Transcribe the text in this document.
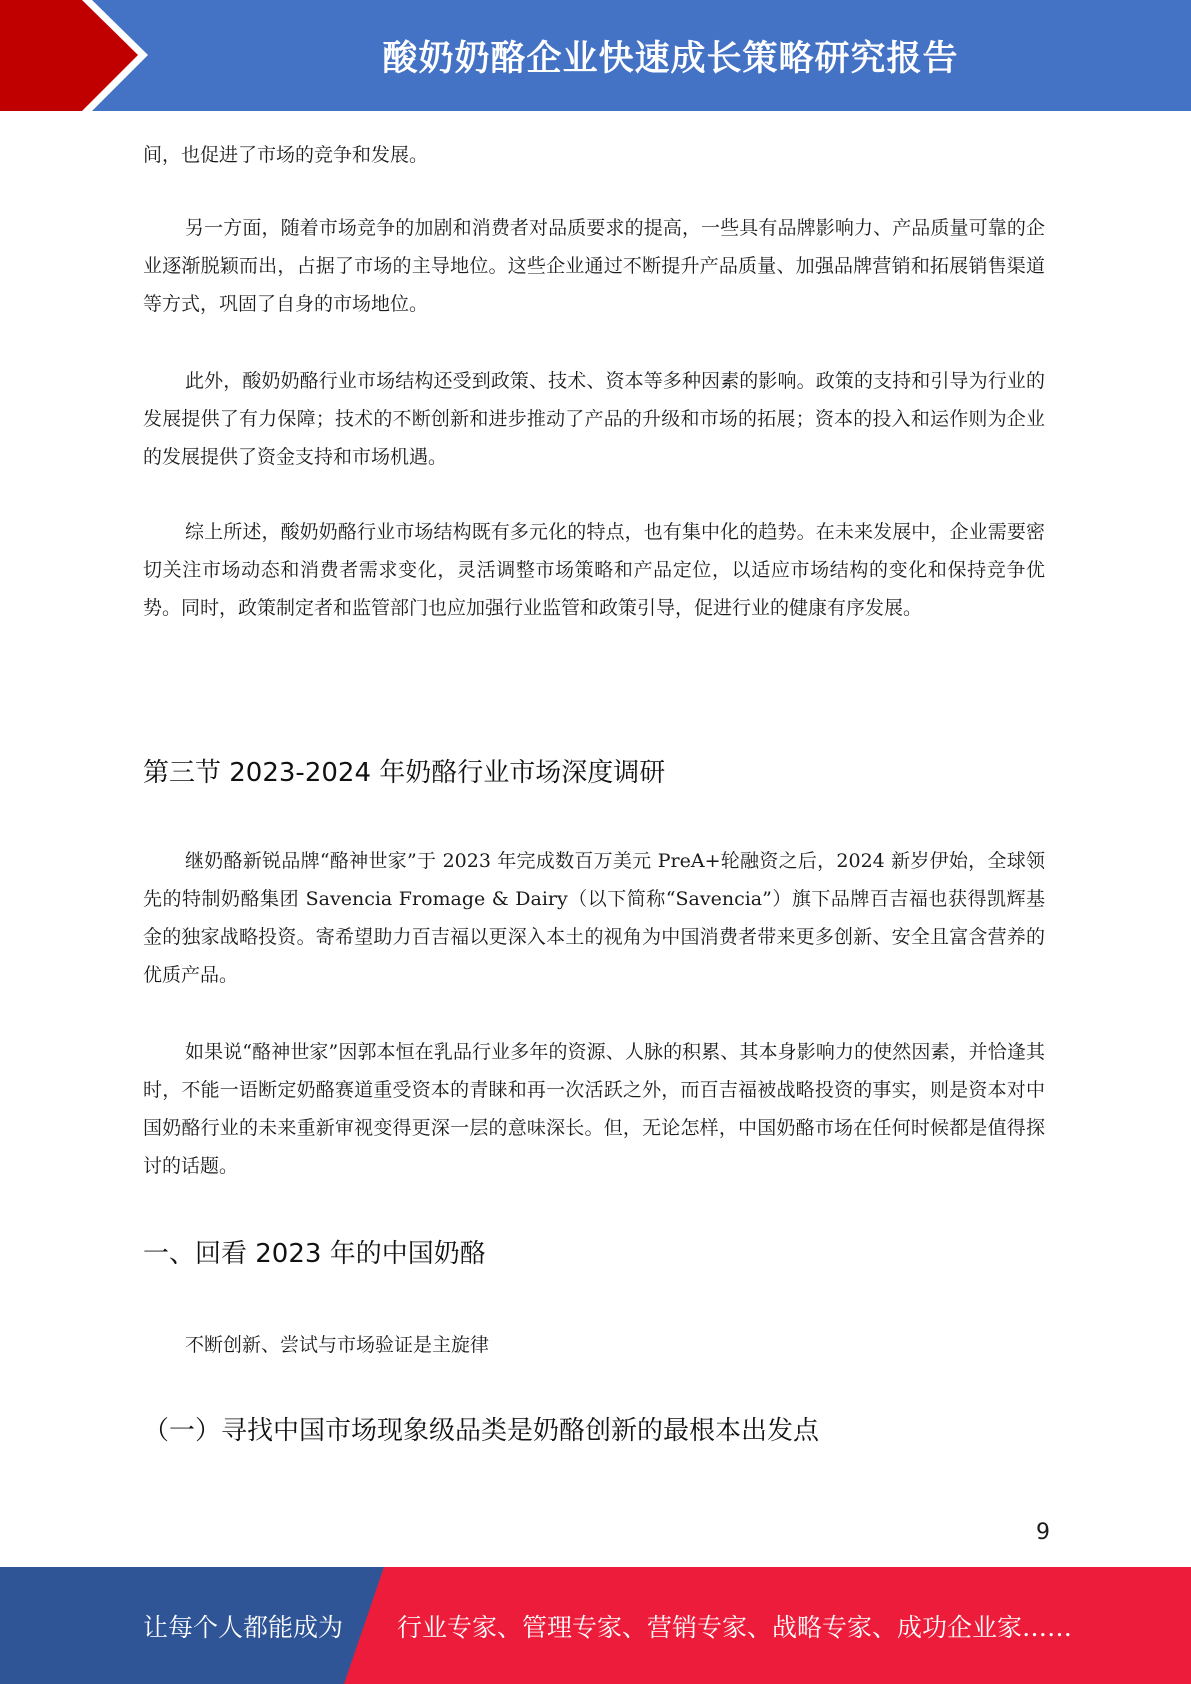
酸奶奶酪企业快速成长策略研究报告

间，也促进了市场的竞争和发展。

另一方面，随着市场竞争的加剧和消费者对品质要求的提高，一些具有品牌影响力、产品质量可靠的企业逐渐脱颖而出，占据了市场的主导地位。这些企业通过不断提升产品质量、加强品牌营销和拓展销售渠道等方式，巩固了自身的市场地位。

此外，酸奶奶酪行业市场结构还受到政策、技术、资本等多种因素的影响。政策的支持和引导为行业的发展提供了有力保障；技术的不断创新和进步推动了产品的升级和市场的拓展；资本的投入和运作则为企业的发展提供了资金支持和市场机遇。

综上所述，酸奶奶酪行业市场结构既有多元化的特点，也有集中化的趋势。在未来发展中，企业需要密切关注市场动态和消费者需求变化，灵活调整市场策略和产品定位，以适应市场结构的变化和保持竞争优势。同时，政策制定者和监管部门也应加强行业监管和政策引导，促进行业的健康有序发展。

第三节 2023-2024 年奶酪行业市场深度调研

继奶酪新锐品牌“酪神世家”于 2023 年完成数百万美元 PreA+轮融资之后，2024 新岁伊始，全球领先的特制奶酪集团 Savencia Fromage & Dairy（以下简称“Savencia”）旗下品牌百吉福也获得凯辉基金的独家战略投资。寄希望助力百吉福以更深入本土的视角为中国消费者带来更多创新、安全且富含营养的优质产品。

如果说“酪神世家”因郭本恒在乳品行业多年的资源、人脉的积累、其本身影响力的使然因素，并恰逢其时，不能一语断定奶酪赛道重受资本的青睐和再一次活跃之外，而百吉福被战略投资的事实，则是资本对中国奶酪行业的未来重新审视变得更深一层的意味深长。但，无论怎样，中国奶酪市场在任何时候都是值得探讨的话题。

一、回看 2023 年的中国奶酪

不断创新、尝试与市场验证是主旋律

（一）寻找中国市场现象级品类是奶酪创新的最根本出发点
9
让每个人都能成为 行业专家、管理专家、营销专家、战略专家、成功企业家……
